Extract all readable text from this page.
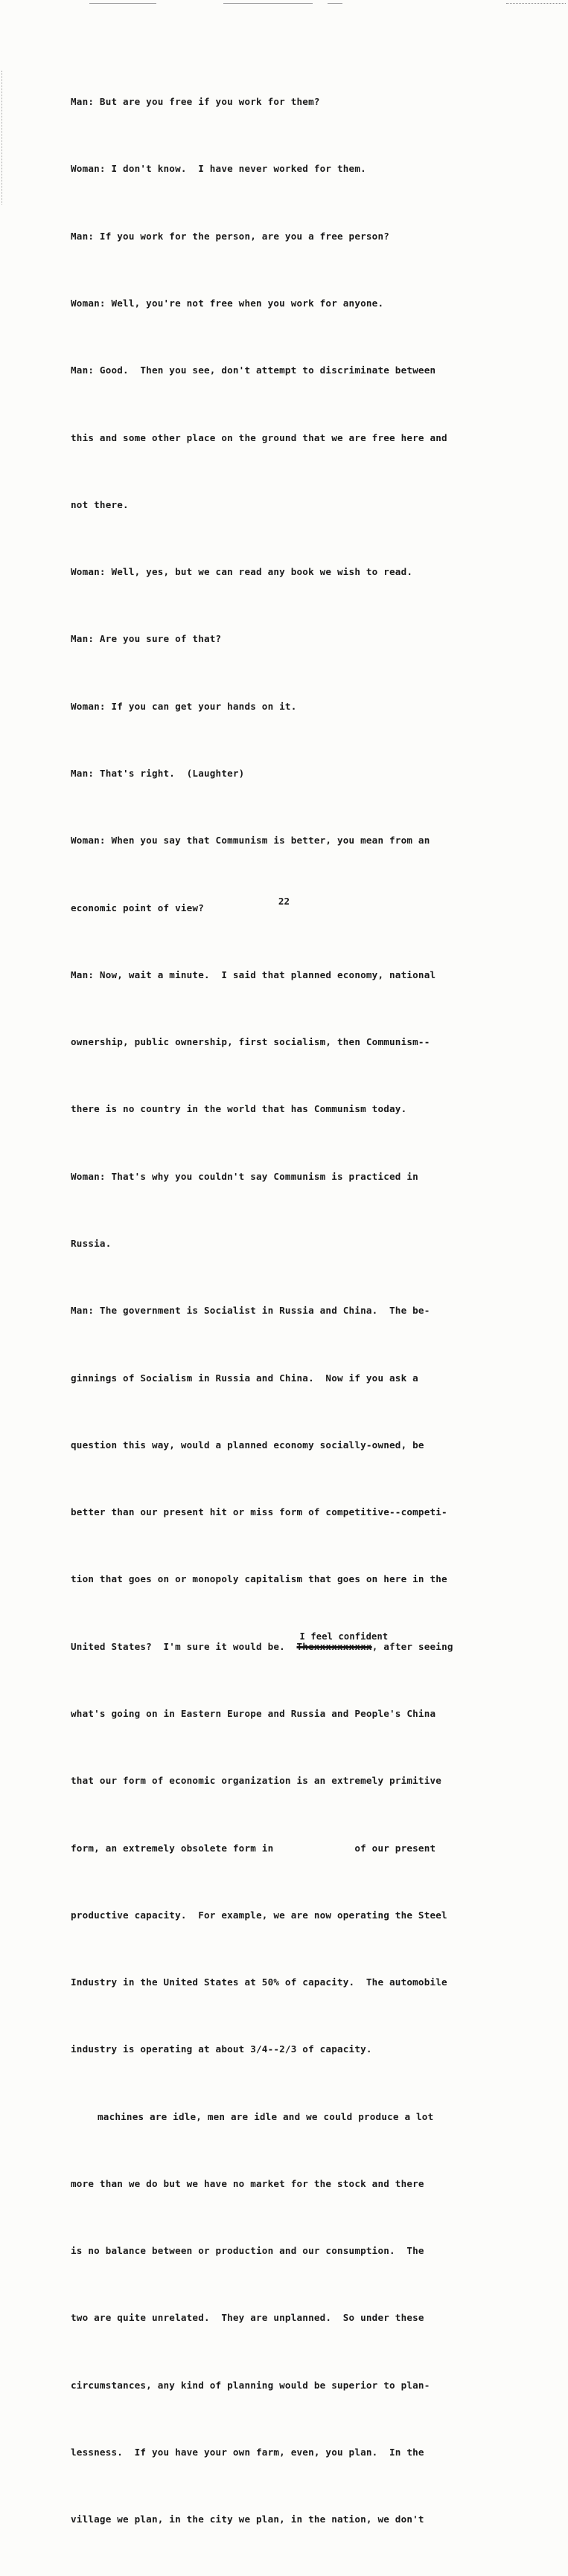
Man: But are you free if you work for them?

Woman: I don't know.  I have never worked for them.

Man: If you work for the person, are you a free person?

Woman: Well, you're not free when you work for anyone.

Man: Good.  Then you see, don't attempt to discriminate between

this and some other place on the ground that we are free here and

not there.

Woman: Well, yes, but we can read any book we wish to read.

Man: Are you sure of that?

Woman: If you can get your hands on it.

Man: That's right.  (Laughter)

Woman: When you say that Communism is better, you mean from an

economic point of view?

Man: Now, wait a minute.  I said that planned economy, national

ownership, public ownership, first socialism, then Communism--

there is no country in the world that has Communism today.

Woman: That's why you couldn't say Communism is practiced in

Russia.

Man: The government is Socialist in Russia and China.  The be-

ginnings of Socialism in Russia and China.  Now if you ask a

question this way, would a planned economy socially-owned, be

better than our present hit or miss form of competitive--competi-

tion that goes on or monopoly capitalism that goes on here in the

United States?  I'm sure it would be.
I feel confident
Thexxxxxxxxxx, after seeing

what's going on in Eastern Europe and Russia and People's China

that our form of economic organization is an extremely primitive

form, an extremely obsolete form in              of our present

productive capacity.  For example, we are now operating the Steel

Industry in the United States at 50% of capacity.  The automobile

industry is operating at about 3/4--2/3 of capacity.

machines are idle, men are idle and we could produce a lot

more than we do but we have no market for the stock and there

is no balance between or production and our consumption.  The

two are quite unrelated.  They are unplanned.  So under these

circumstances, any kind of planning would be superior to plan-

lessness.  If you have your own farm, even, you plan.  In the

village we plan, in the city we plan, in the nation, we don't

22
